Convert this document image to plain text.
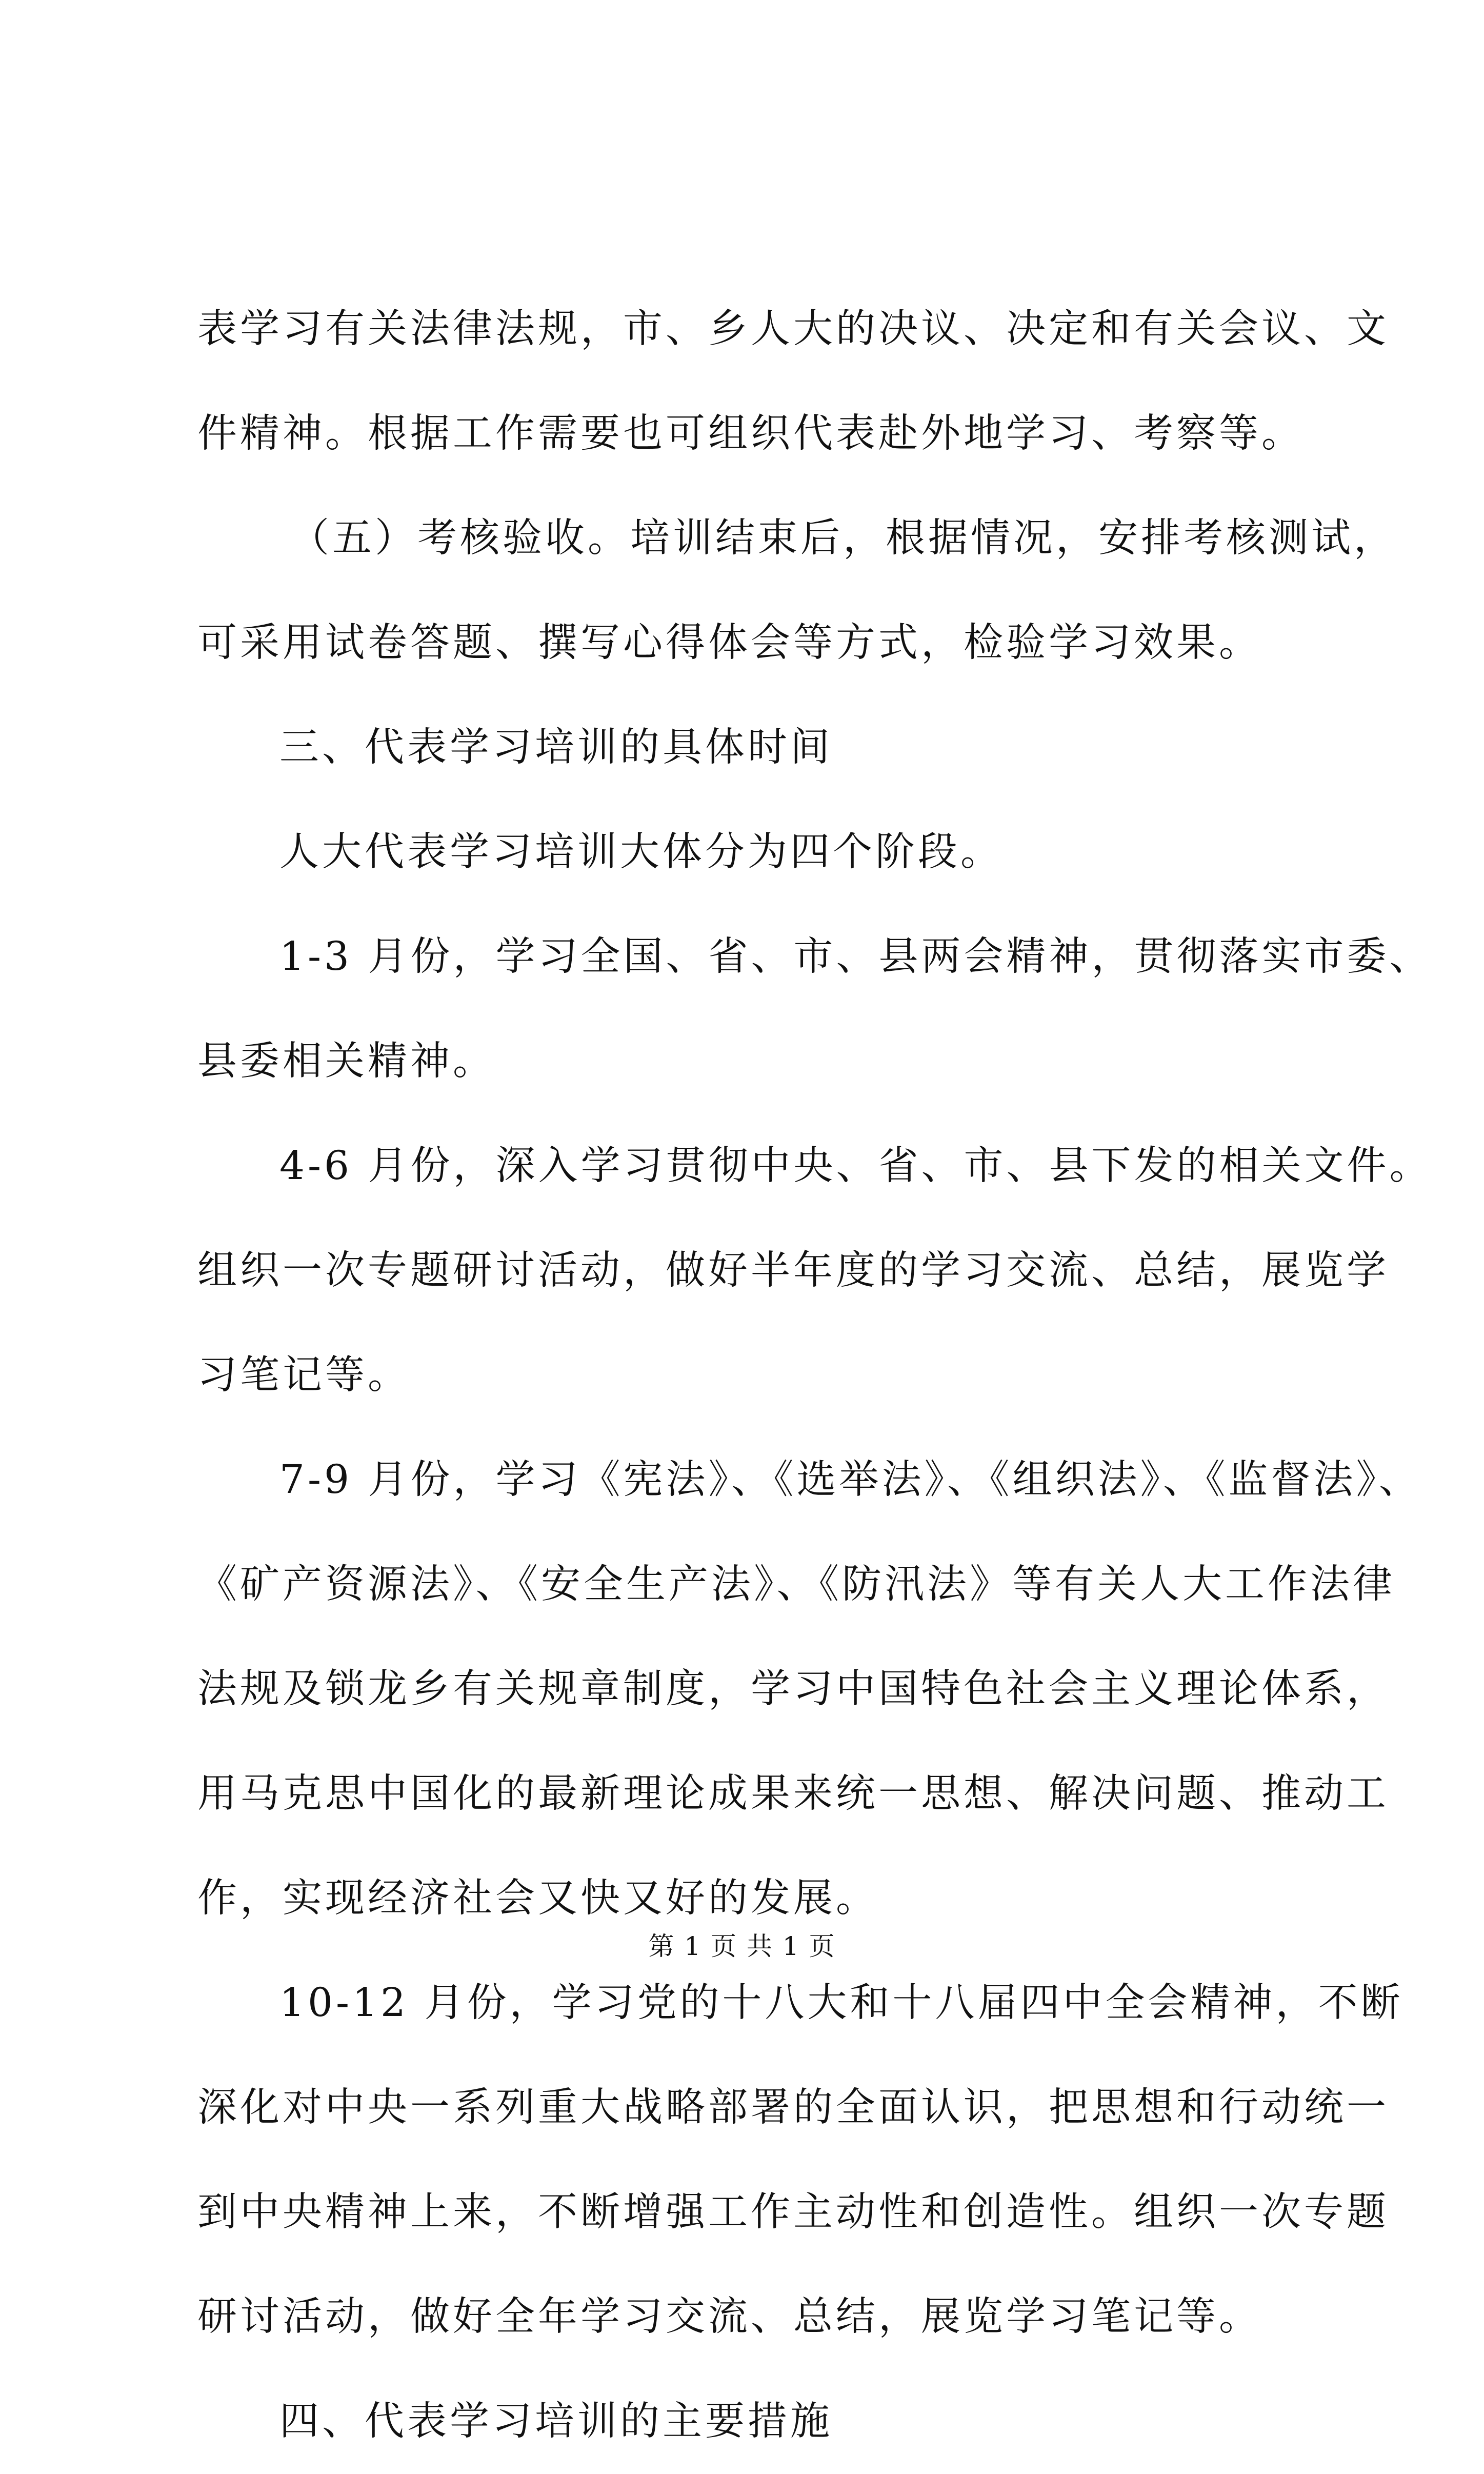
表学习有关法律法规，市、乡人大的决议、决定和有关会议、文
件精神。根据工作需要也可组织代表赴外地学习、考察等。
（五）考核验收。培训结束后，根据情况，安排考核测试，
可采用试卷答题、撰写心得体会等方式，检验学习效果。
三、代表学习培训的具体时间
人大代表学习培训大体分为四个阶段。
1-3 月份，学习全国、省、市、县两会精神，贯彻落实市委、
县委相关精神。
4-6 月份，深入学习贯彻中央、省、市、县下发的相关文件。
组织一次专题研讨活动，做好半年度的学习交流、总结，展览学
习笔记等。
7-9 月份，学习《宪法》、《选举法》、《组织法》、《监督法》、
《矿产资源法》、《安全生产法》、《防汛法》等有关人大工作法律
法规及锁龙乡有关规章制度，学习中国特色社会主义理论体系，
用马克思中国化的最新理论成果来统一思想、解决问题、推动工
作，实现经济社会又快又好的发展。
10-12 月份，学习党的十八大和十八届四中全会精神，不断
深化对中央一系列重大战略部署的全面认识，把思想和行动统一
到中央精神上来，不断增强工作主动性和创造性。组织一次专题
研讨活动，做好全年学习交流、总结，展览学习笔记等。
四、代表学习培训的主要措施
第 1 页 共 1 页
